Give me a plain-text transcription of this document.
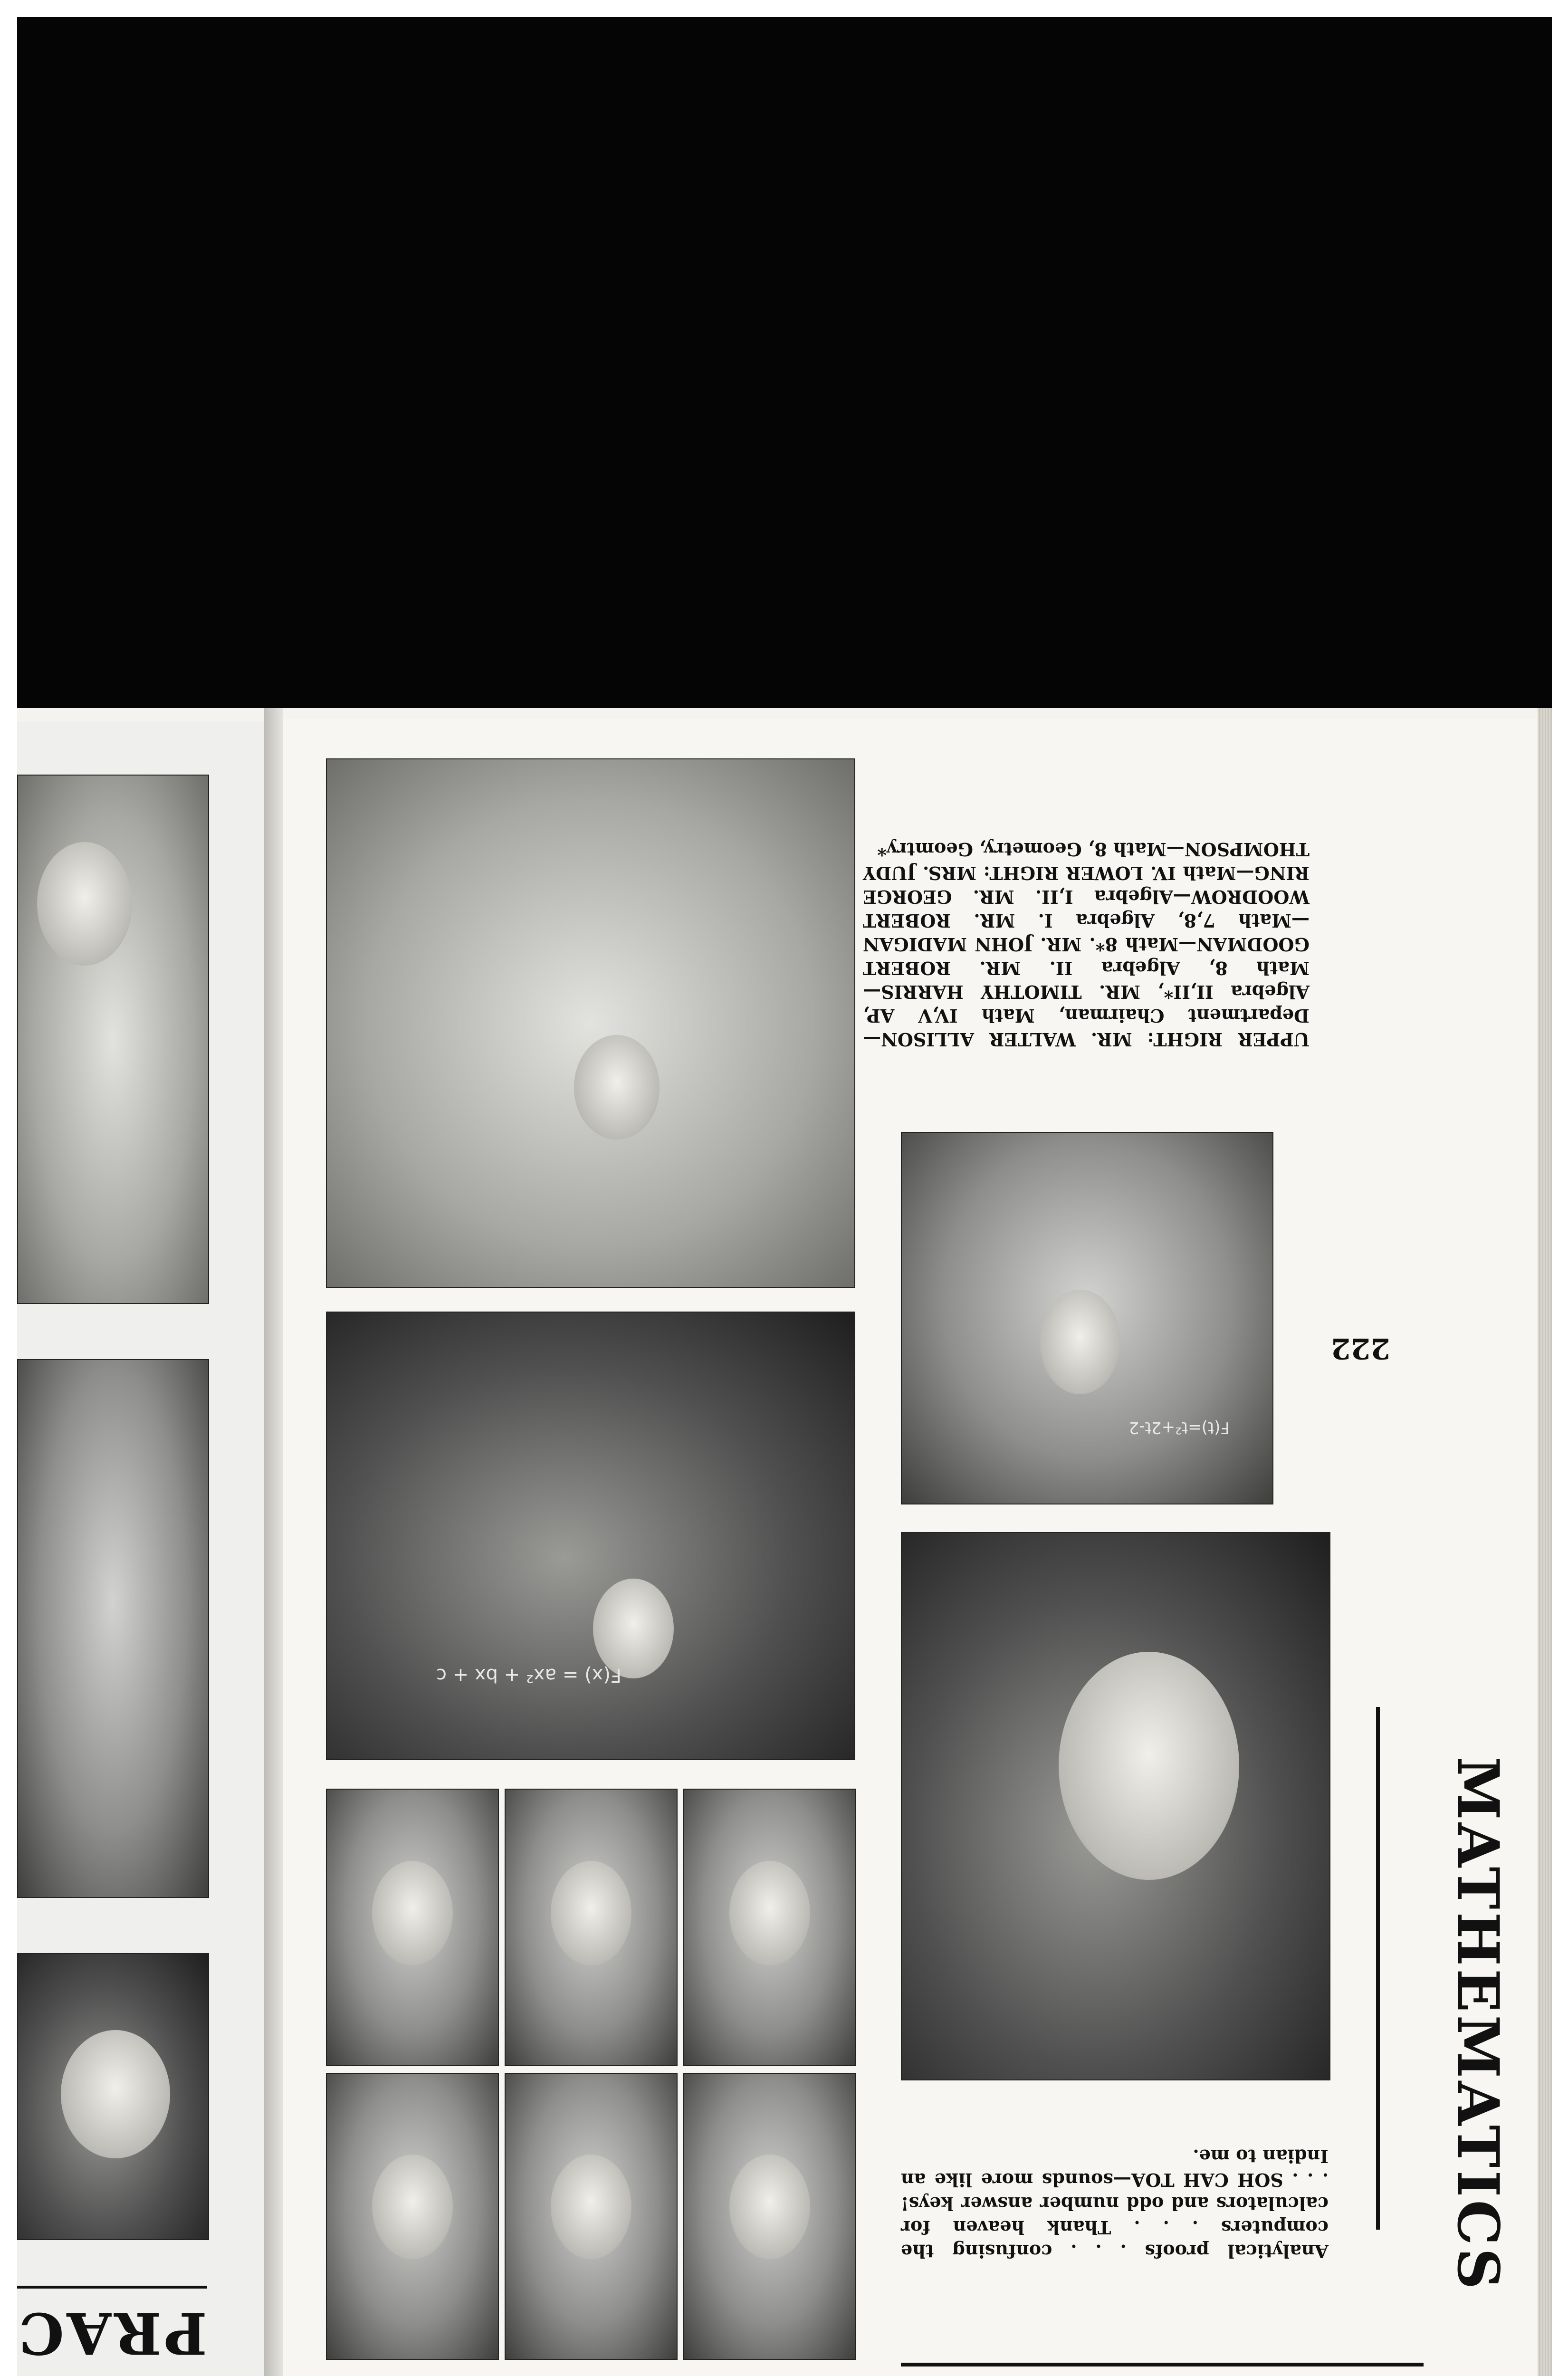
PRAC
F(x) = ax² + bx + c
UPPER RIGHT: MR. WALTER ALLISON—Department Chairman, Math IV,V AP, Algebra II,II*, MR. TIMOTHY HARRIS—Math 8, Algebra II. MR. ROBERT GOODMAN—Math 8*. MR. JOHN MADIGAN—Math 7,8, Algebra I. MR. ROBERT WOODROW—Algebra I,II. MR. GEORGE RING—Math IV. LOWER RIGHT: MRS. JUDY THOMPSON—Math 8, Geometry, Geomtry*
F(t)=t²+2t-2
222
Analytical proofs . . . confusing the computers . . . Thank heaven for calculators and odd number answer keys! . . . SOH CAH TOA—sounds more like an Indian to me. MATHEMATICS
